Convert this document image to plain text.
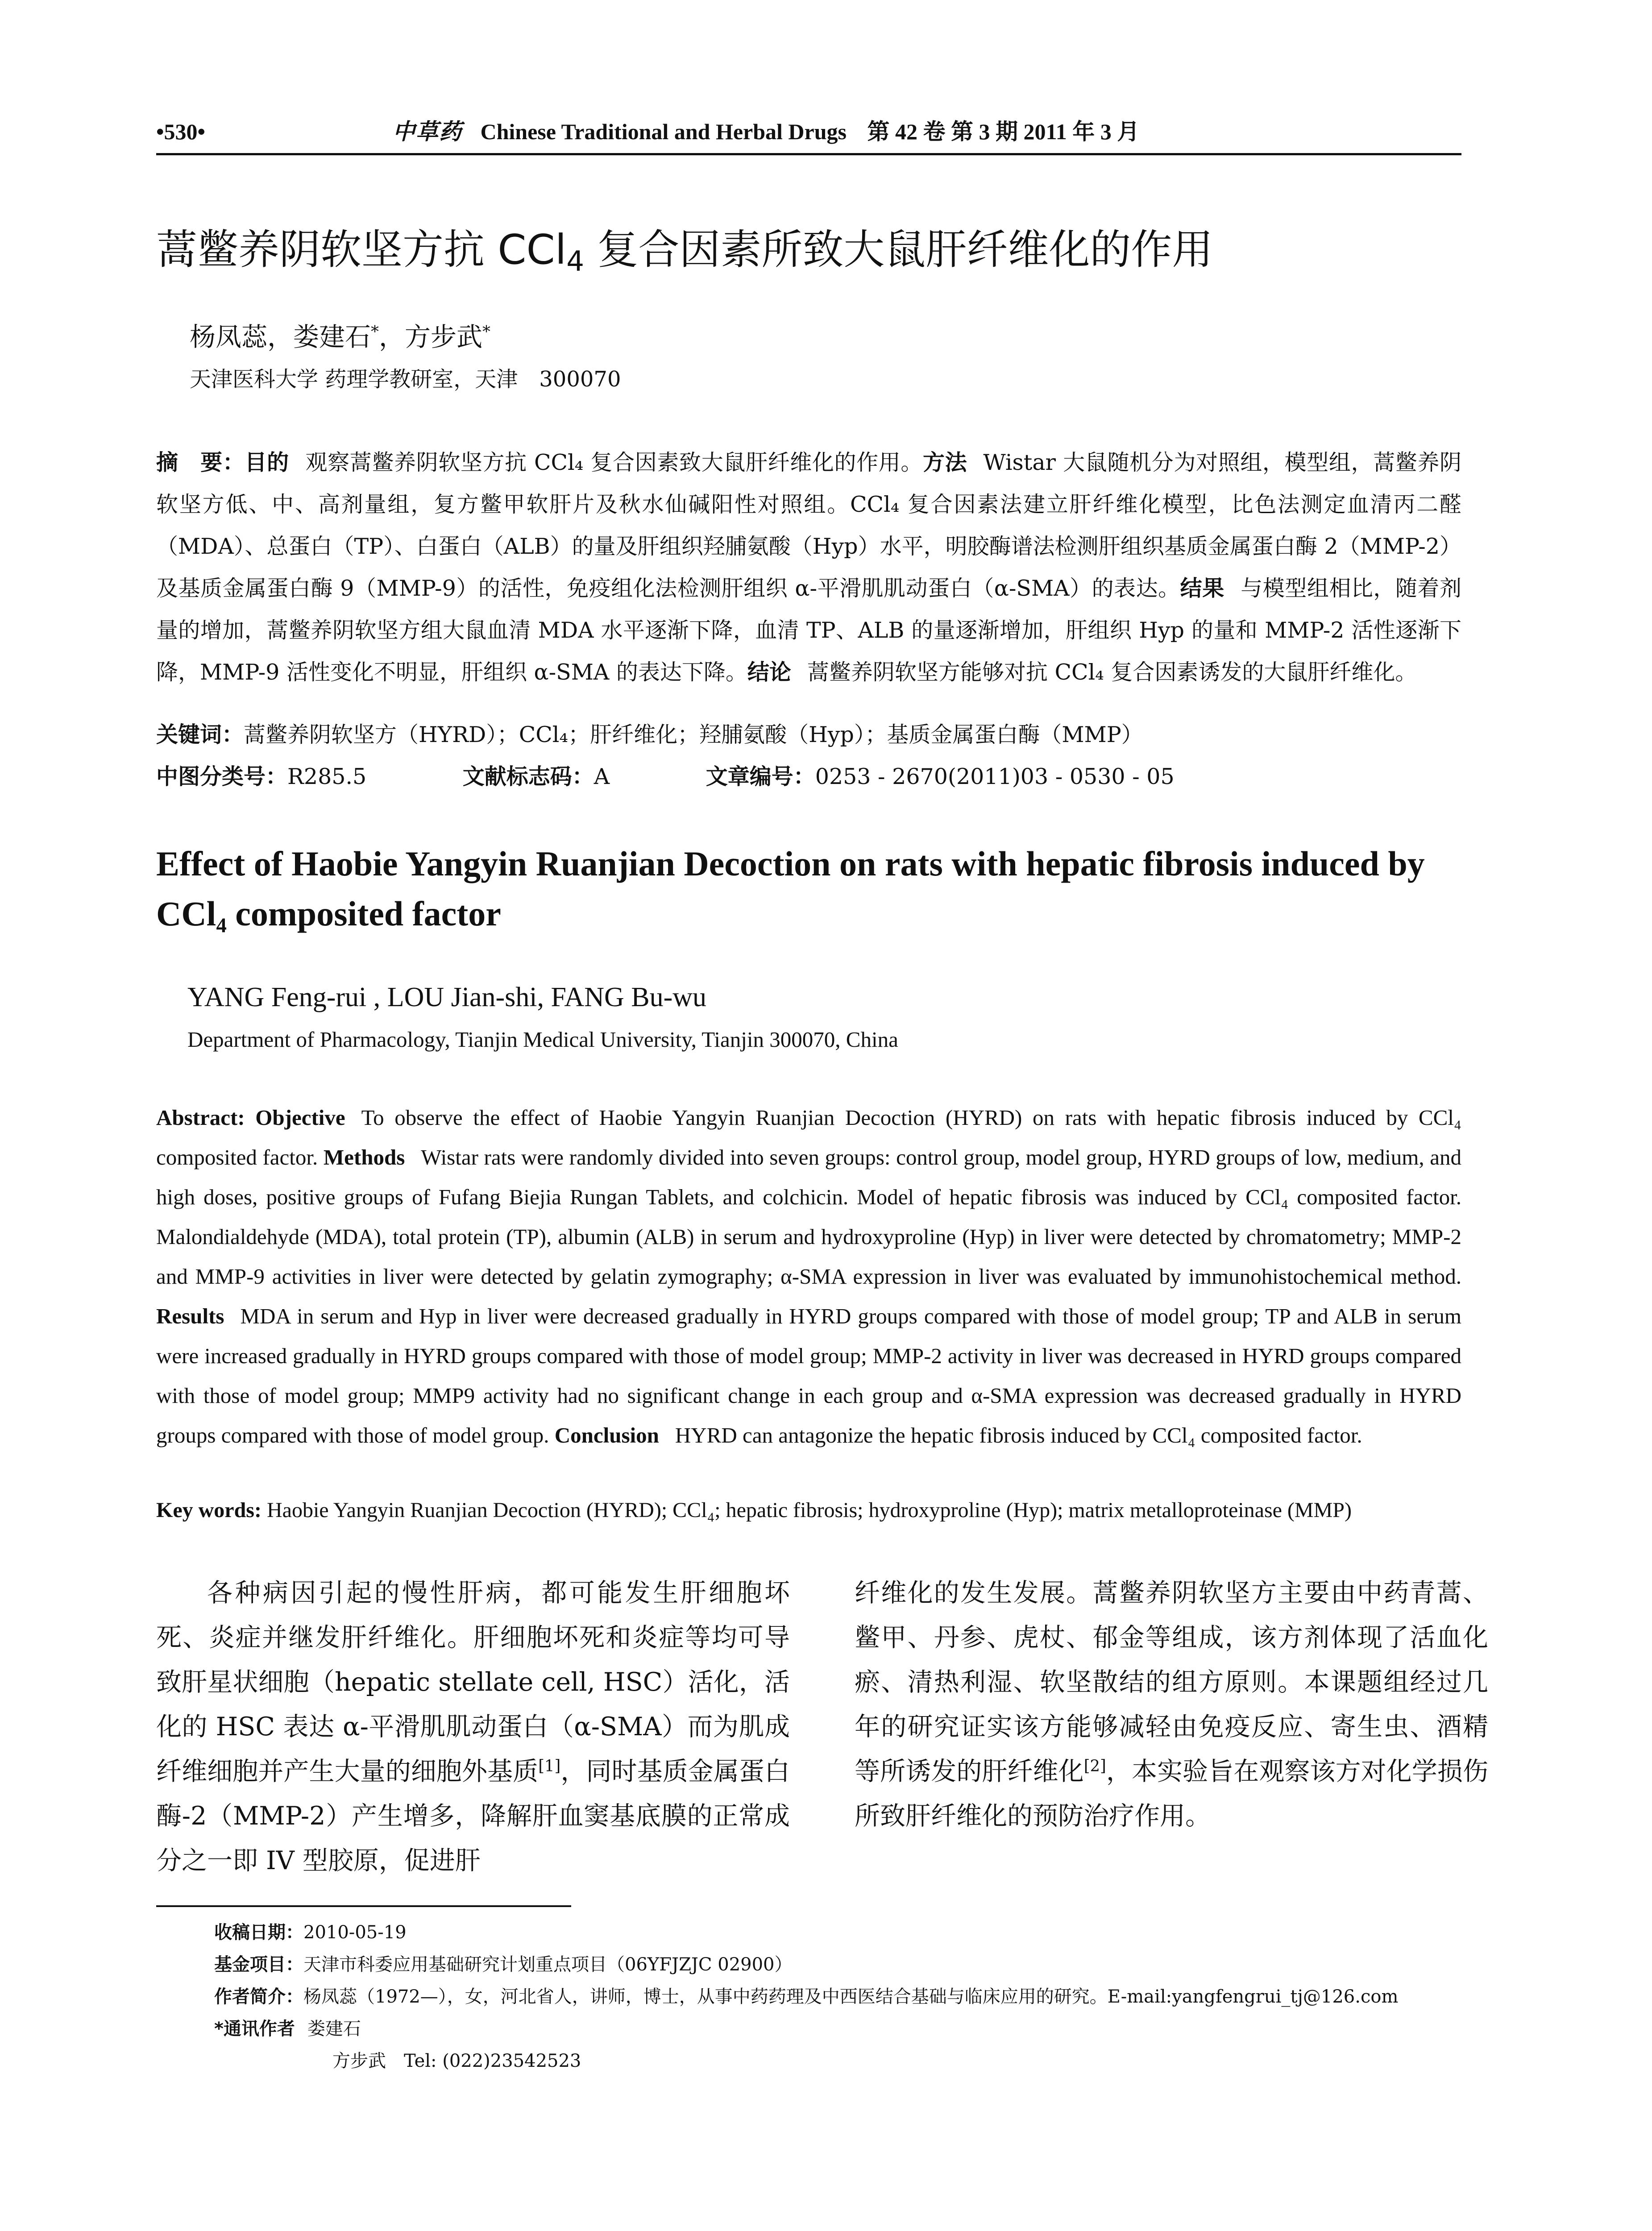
•530•	中草药 Chinese Traditional and Herbal Drugs 第 42 卷 第 3 期 2011 年 3 月
蒿鳖养阴软坚方抗 CCl$_4$ 复合因素所致大鼠肝纤维化的作用
杨凤蕊，娄建石*，方步武*
天津医科大学 药理学教研室，天津　300070
摘　要：目的 观察蒿鳖养阴软坚方抗 CCl₄ 复合因素致大鼠肝纤维化的作用。方法 Wistar 大鼠随机分为对照组，模型组，蒿鳖养阴软坚方低、中、高剂量组，复方鳖甲软肝片及秋水仙碱阳性对照组。CCl₄ 复合因素法建立肝纤维化模型，比色法测定血清丙二醛（MDA）、总蛋白（TP）、白蛋白（ALB）的量及肝组织羟脯氨酸（Hyp）水平，明胶酶谱法检测肝组织基质金属蛋白酶 2（MMP-2）及基质金属蛋白酶 9（MMP-9）的活性，免疫组化法检测肝组织 α-平滑肌肌动蛋白（α-SMA）的表达。结果 与模型组相比，随着剂量的增加，蒿鳖养阴软坚方组大鼠血清 MDA 水平逐渐下降，血清 TP、ALB 的量逐渐增加，肝组织 Hyp 的量和 MMP-2 活性逐渐下降，MMP-9 活性变化不明显，肝组织 α-SMA 的表达下降。结论 蒿鳖养阴软坚方能够对抗 CCl₄ 复合因素诱发的大鼠肝纤维化。
关键词：蒿鳖养阴软坚方（HYRD）；CCl₄；肝纤维化；羟脯氨酸（Hyp）；基质金属蛋白酶（MMP）
中图分类号：R285.5	文献标志码：A	文章编号：0253 - 2670(2011)03 - 0530 - 05
Effect of Haobie Yangyin Ruanjian Decoction on rats with hepatic fibrosis induced by CCl₄ composited factor
YANG Feng-rui , LOU Jian-shi, FANG Bu-wu
Department of Pharmacology, Tianjin Medical University, Tianjin 300070, China
Abstract: Objective To observe the effect of Haobie Yangyin Ruanjian Decoction (HYRD) on rats with hepatic fibrosis induced by CCl₄ composited factor. Methods Wistar rats were randomly divided into seven groups: control group, model group, HYRD groups of low, medium, and high doses, positive groups of Fufang Biejia Rungan Tablets, and colchicin. Model of hepatic fibrosis was induced by CCl₄ composited factor. Malondialdehyde (MDA), total protein (TP), albumin (ALB) in serum and hydroxyproline (Hyp) in liver were detected by chromatometry; MMP-2 and MMP-9 activities in liver were detected by gelatin zymography; α-SMA expression in liver was evaluated by immunohistochemical method. Results MDA in serum and Hyp in liver were decreased gradually in HYRD groups compared with those of model group; TP and ALB in serum were increased gradually in HYRD groups compared with those of model group; MMP-2 activity in liver was decreased in HYRD groups compared with those of model group; MMP9 activity had no significant change in each group and α-SMA expression was decreased gradually in HYRD groups compared with those of model group. Conclusion HYRD can antagonize the hepatic fibrosis induced by CCl₄ composited factor.
Key words: Haobie Yangyin Ruanjian Decoction (HYRD); CCl₄; hepatic fibrosis; hydroxyproline (Hyp); matrix metalloproteinase (MMP)
各种病因引起的慢性肝病，都可能发生肝细胞坏死、炎症并继发肝纤维化。肝细胞坏死和炎症等均可导致肝星状细胞（hepatic stellate cell, HSC）活化，活化的 HSC 表达 α-平滑肌肌动蛋白（α-SMA）而为肌成纤维细胞并产生大量的细胞外基质[1]，同时基质金属蛋白酶-2（MMP-2）产生增多，降解肝血窦基底膜的正常成分之一即 IV 型胶原，促进肝
纤维化的发生发展。蒿鳖养阴软坚方主要由中药青蒿、鳖甲、丹参、虎杖、郁金等组成，该方剂体现了活血化瘀、清热利湿、软坚散结的组方原则。本课题组经过几年的研究证实该方能够减轻由免疫反应、寄生虫、酒精等所诱发的肝纤维化[2]，本实验旨在观察该方对化学损伤所致肝纤维化的预防治疗作用。
收稿日期：2010-05-19
基金项目：天津市科委应用基础研究计划重点项目（06YFJZJC 02900）
作者简介：杨凤蕊（1972—），女，河北省人，讲师，博士，从事中药药理及中西医结合基础与临床应用的研究。E-mail:yangfengrui_tj@126.com
*通讯作者 娄建石
方步武　Tel: (022)23542523
